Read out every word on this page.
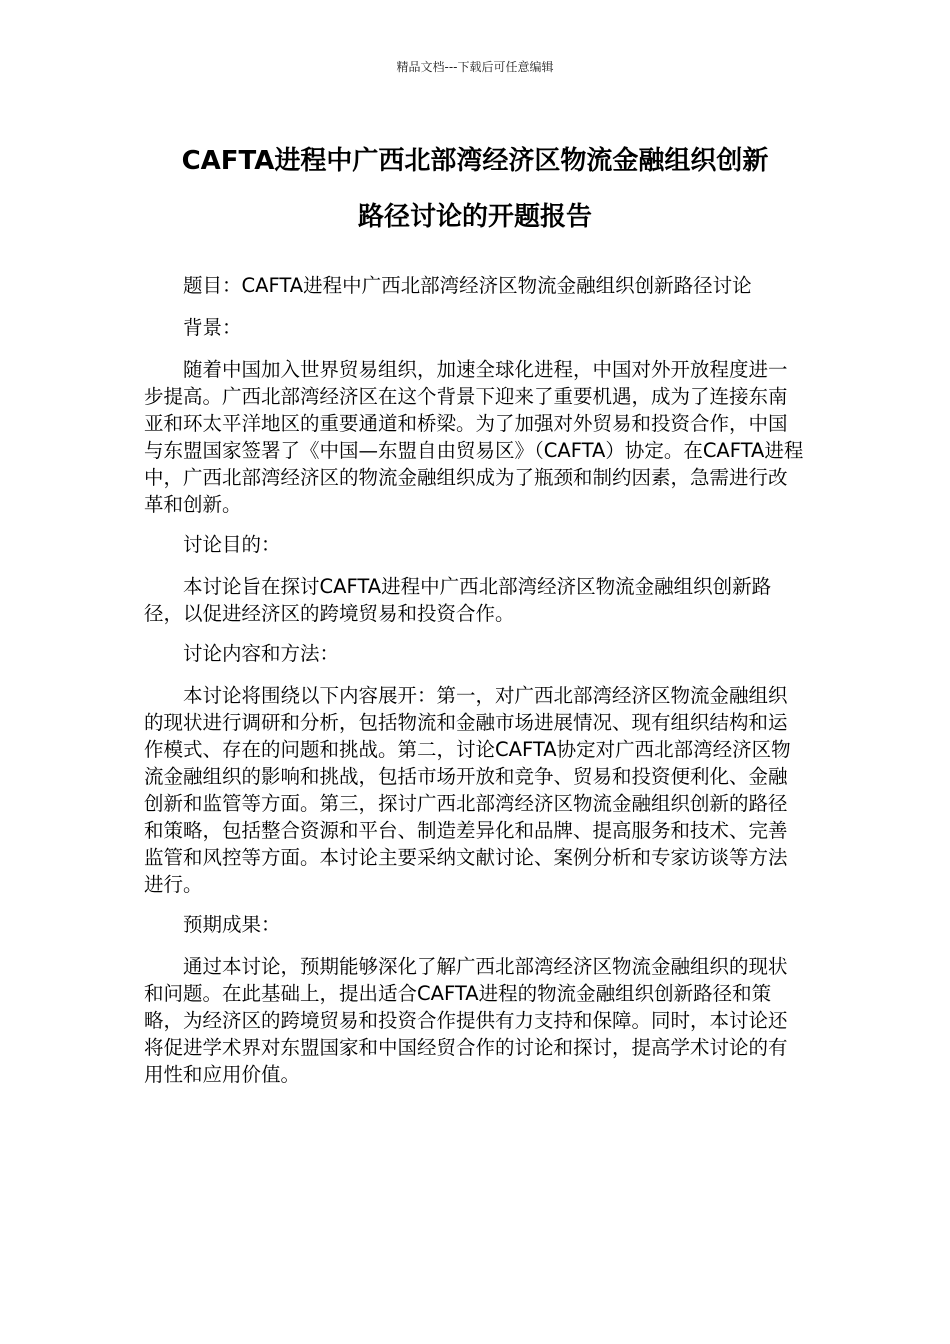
精品文档---下载后可任意编辑
CAFTA进程中广西北部湾经济区物流金融组织创新
路径讨论的开题报告

题目：CAFTA进程中广西北部湾经济区物流金融组织创新路径讨论

背景：

随着中国加入世界贸易组织，加速全球化进程，中国对外开放程度进一步提高。广西北部湾经济区在这个背景下迎来了重要机遇，成为了连接东南亚和环太平洋地区的重要通道和桥梁。为了加强对外贸易和投资合作，中国与东盟国家签署了《中国—东盟自由贸易区》（CAFTA）协定。在CAFTA进程中，广西北部湾经济区的物流金融组织成为了瓶颈和制约因素，急需进行改革和创新。

讨论目的：

本讨论旨在探讨CAFTA进程中广西北部湾经济区物流金融组织创新路径，以促进经济区的跨境贸易和投资合作。

讨论内容和方法：

本讨论将围绕以下内容展开：第一，对广西北部湾经济区物流金融组织的现状进行调研和分析，包括物流和金融市场进展情况、现有组织结构和运作模式、存在的问题和挑战。第二，讨论CAFTA协定对广西北部湾经济区物流金融组织的影响和挑战，包括市场开放和竞争、贸易和投资便利化、金融创新和监管等方面。第三，探讨广西北部湾经济区物流金融组织创新的路径和策略，包括整合资源和平台、制造差异化和品牌、提高服务和技术、完善监管和风控等方面。本讨论主要采纳文献讨论、案例分析和专家访谈等方法进行。

预期成果：

通过本讨论，预期能够深化了解广西北部湾经济区物流金融组织的现状和问题。在此基础上，提出适合CAFTA进程的物流金融组织创新路径和策略，为经济区的跨境贸易和投资合作提供有力支持和保障。同时，本讨论还将促进学术界对东盟国家和中国经贸合作的讨论和探讨，提高学术讨论的有用性和应用价值。
